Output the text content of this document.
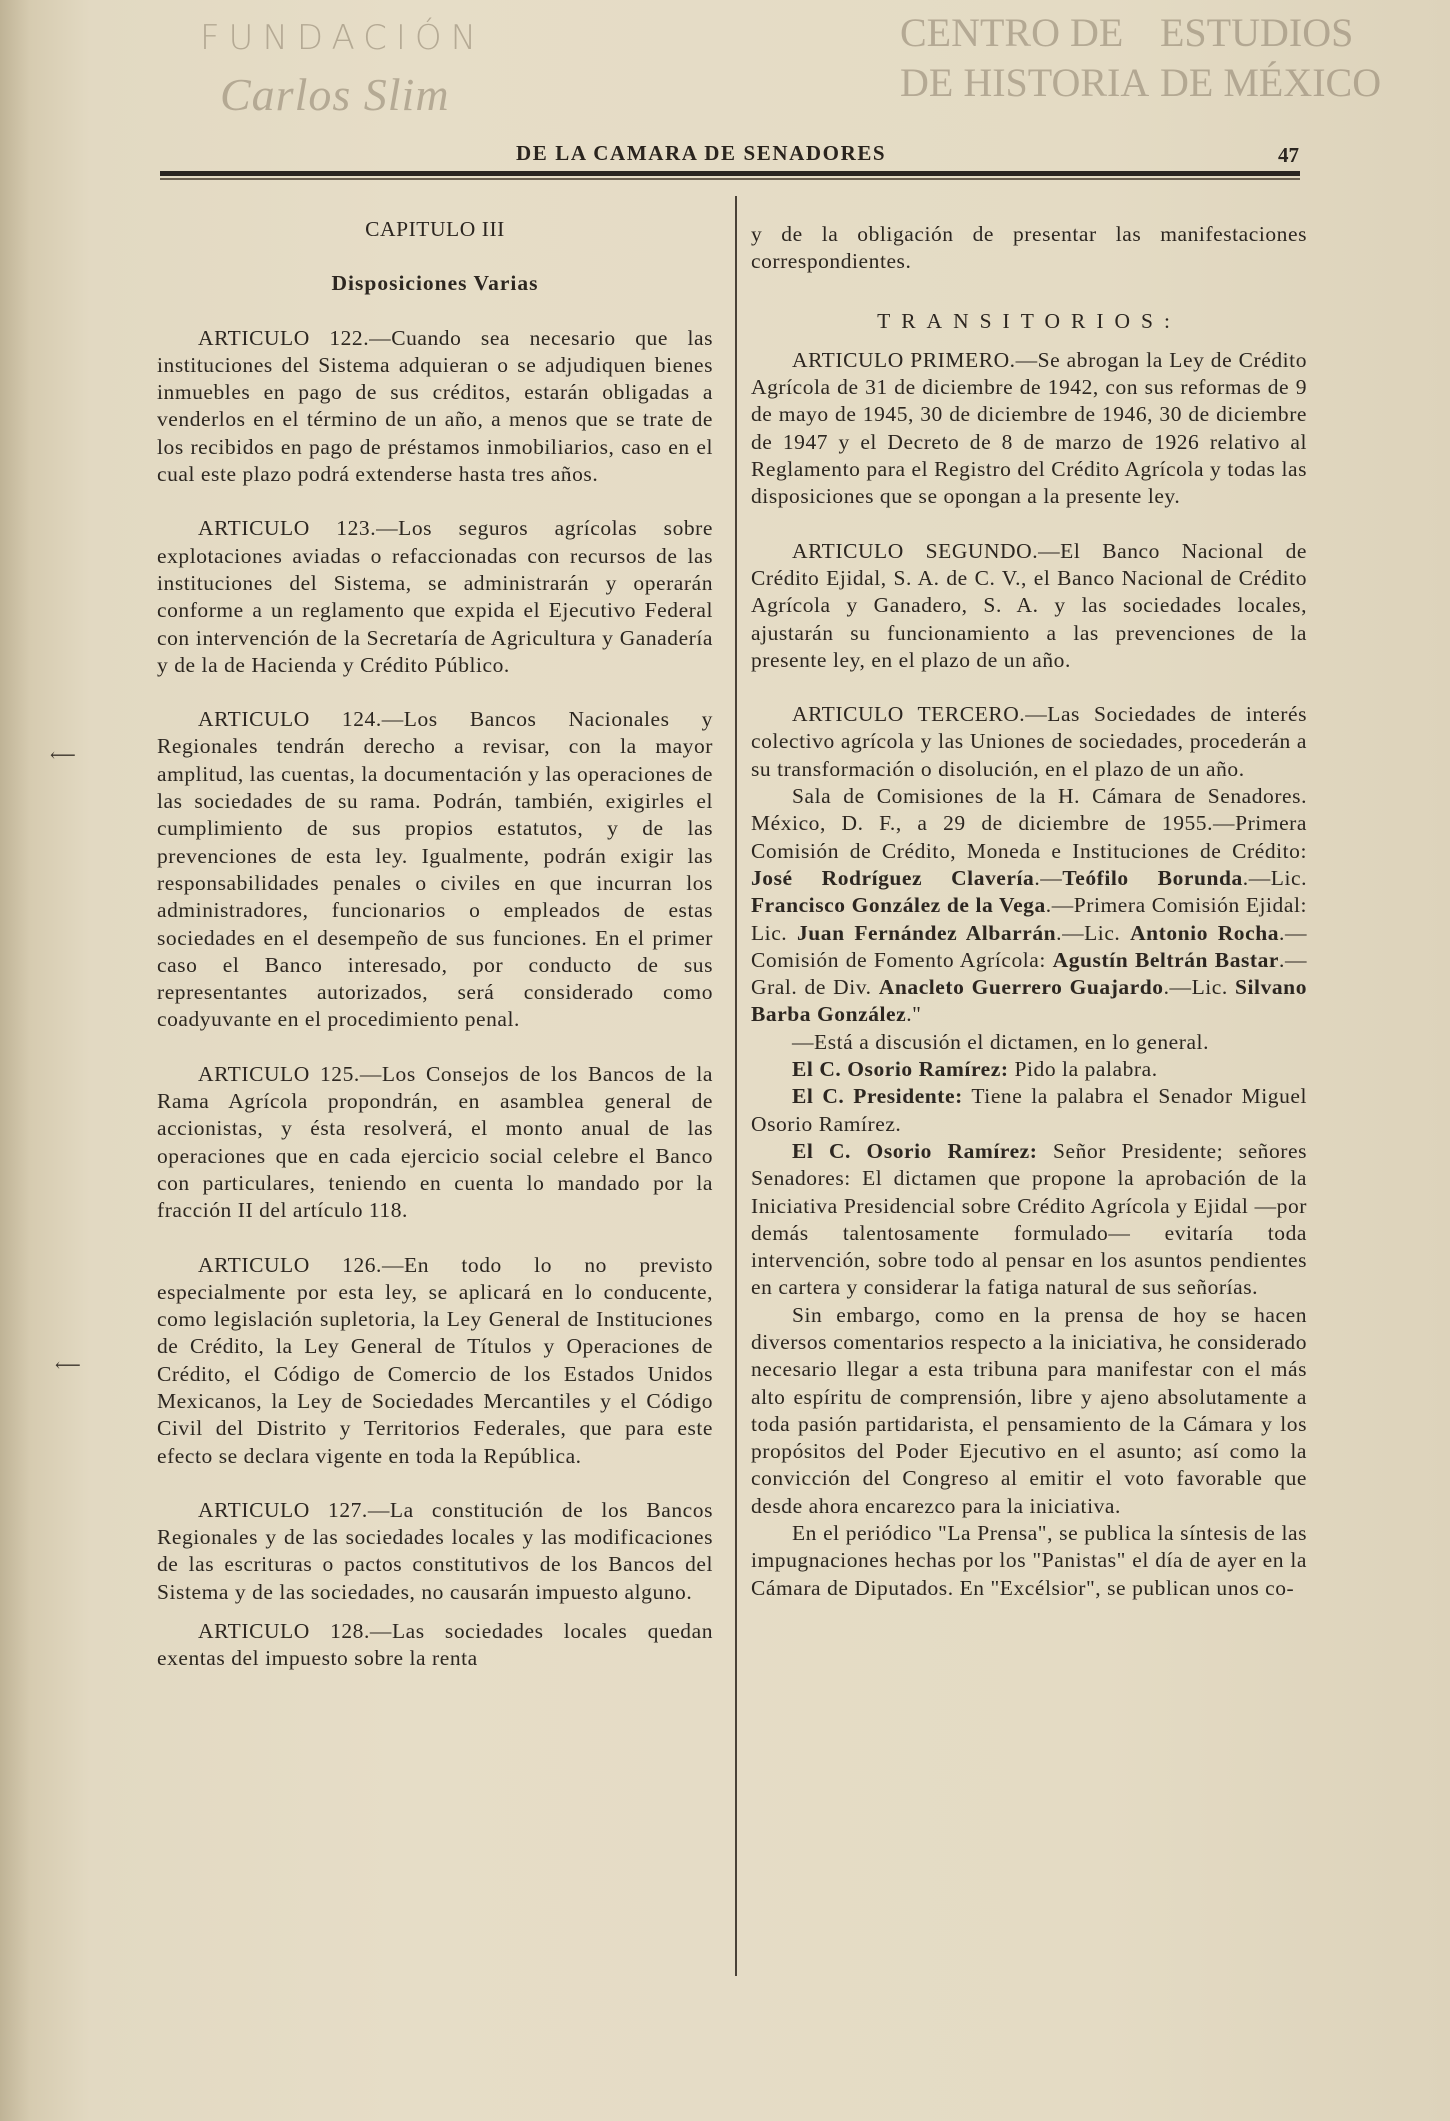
DE LA CAMARA DE SENADORES	47

CAPITULO III

Disposiciones Varias

ARTICULO 122.—Cuando sea necesario que las instituciones del Sistema adquieran o se adjudiquen bienes inmuebles en pago de sus créditos, estarán obligadas a venderlos en el término de un año, a menos que se trate de los recibidos en pago de préstamos inmobiliarios, caso en el cual este plazo podrá extenderse hasta tres años.

ARTICULO 123.—Los seguros agrícolas sobre explotaciones aviadas o refaccionadas con recursos de las instituciones del Sistema, se administrarán y operarán conforme a un reglamento que expida el Ejecutivo Federal con intervención de la Secretaría de Agricultura y Ganadería y de la de Hacienda y Crédito Público.

ARTICULO 124.—Los Bancos Nacionales y Regionales tendrán derecho a revisar, con la mayor amplitud, las cuentas, la documentación y las operaciones de las sociedades de su rama. Podrán, también, exigirles el cumplimiento de sus propios estatutos, y de las prevenciones de esta ley. Igualmente, podrán exigir las responsabilidades penales o civiles en que incurran los administradores, funcionarios o empleados de estas sociedades en el desempeño de sus funciones. En el primer caso el Banco interesado, por conducto de sus representantes autorizados, será considerado como coadyuvante en el procedimiento penal.

ARTICULO 125.—Los Consejos de los Bancos de la Rama Agrícola propondrán, en asamblea general de accionistas, y ésta resolverá, el monto anual de las operaciones que en cada ejercicio social celebre el Banco con particulares, teniendo en cuenta lo mandado por la fracción II del artículo 118.

ARTICULO 126.—En todo lo no previsto especialmente por esta ley, se aplicará en lo conducente, como legislación supletoria, la Ley General de Instituciones de Crédito, la Ley General de Títulos y Operaciones de Crédito, el Código de Comercio de los Estados Unidos Mexicanos, la Ley de Sociedades Mercantiles y el Código Civil del Distrito y Territorios Federales, que para este efecto se declara vigente en toda la República.

ARTICULO 127.—La constitución de los Bancos Regionales y de las sociedades locales y las modificaciones de las escrituras o pactos constitutivos de los Bancos del Sistema y de las sociedades, no causarán impuesto alguno.

ARTICULO 128.—Las sociedades locales quedan exentas del impuesto sobre la renta

y de la obligación de presentar las manifestaciones correspondientes.

TRANSITORIOS:

ARTICULO PRIMERO.—Se abrogan la Ley de Crédito Agrícola de 31 de diciembre de 1942, con sus reformas de 9 de mayo de 1945, 30 de diciembre de 1946, 30 de diciembre de 1947 y el Decreto de 8 de marzo de 1926 relativo al Reglamento para el Registro del Crédito Agrícola y todas las disposiciones que se opongan a la presente ley.

ARTICULO SEGUNDO.—El Banco Nacional de Crédito Ejidal, S. A. de C. V., el Banco Nacional de Crédito Agrícola y Ganadero, S. A. y las sociedades locales, ajustarán su funcionamiento a las prevenciones de la presente ley, en el plazo de un año.

ARTICULO TERCERO.—Las Sociedades de interés colectivo agrícola y las Uniones de sociedades, procederán a su transformación o disolución, en el plazo de un año.

Sala de Comisiones de la H. Cámara de Senadores. México, D. F., a 29 de diciembre de 1955.—Primera Comisión de Crédito, Moneda e Instituciones de Crédito: José Rodríguez Clavería.—Teófilo Borunda.—Lic. Francisco González de la Vega.—Primera Comisión Ejidal: Lic. Juan Fernández Albarrán.—Lic. Antonio Rocha.—Comisión de Fomento Agrícola: Agustín Beltrán Bastar.—Gral. de Div. Anacleto Guerrero Guajardo.—Lic. Silvano Barba González."

—Está a discusión el dictamen, en lo general.

El C. Osorio Ramírez: Pido la palabra.

El C. Presidente: Tiene la palabra el Senador Miguel Osorio Ramírez.

El C. Osorio Ramírez: Señor Presidente; señores Senadores: El dictamen que propone la aprobación de la Iniciativa Presidencial sobre Crédito Agrícola y Ejidal —por demás talentosamente formulado— evitaría toda intervención, sobre todo al pensar en los asuntos pendientes en cartera y considerar la fatiga natural de sus señorías.

Sin embargo, como en la prensa de hoy se hacen diversos comentarios respecto a la iniciativa, he considerado necesario llegar a esta tribuna para manifestar con el más alto espíritu de comprensión, libre y ajeno absolutamente a toda pasión partidarista, el pensamiento de la Cámara y los propósitos del Poder Ejecutivo en el asunto; así como la convicción del Congreso al emitir el voto favorable que desde ahora encarezco para la iniciativa.

En el periódico "La Prensa", se publica la síntesis de las impugnaciones hechas por los "Panistas" el día de ayer en la Cámara de Diputados. En "Excélsior", se publican unos co-

CENTRO DE ESTUDIOS
DE HISTORIA DE MÉXICO
FUNDACIÓN
Carlos Slim
⟵
⟵
